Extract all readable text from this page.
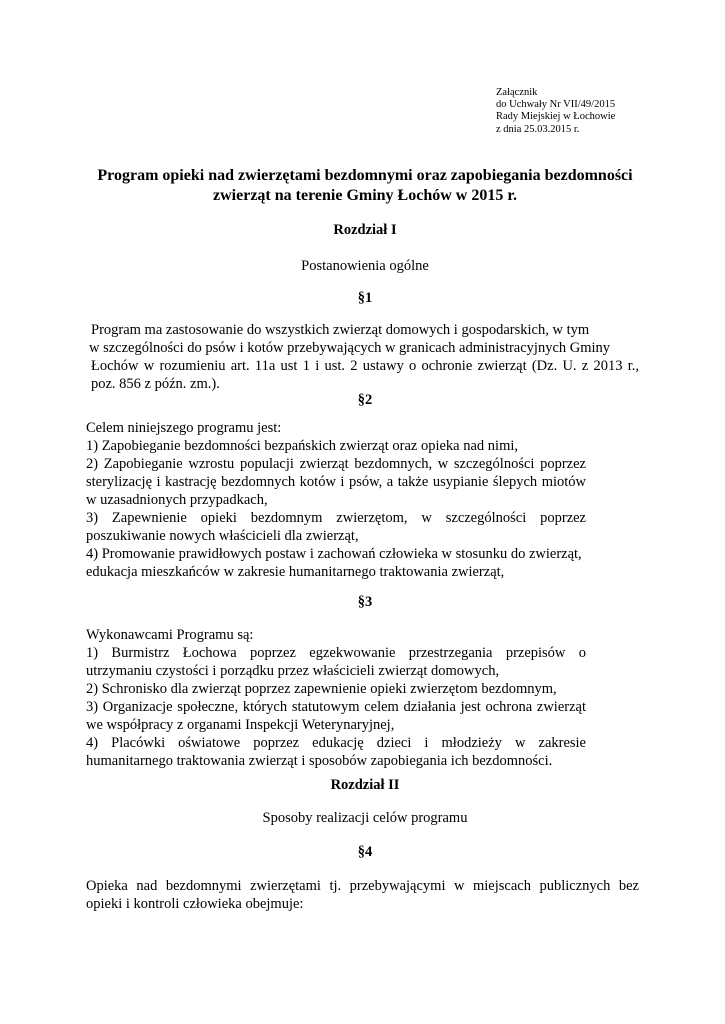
Załącznik
do Uchwały Nr VII/49/2015
Rady Miejskiej w Łochowie
z dnia 25.03.2015 r.
Program opieki nad zwierzętami bezdomnymi oraz zapobiegania bezdomności
zwierząt na terenie Gminy Łochów w 2015 r.
Rozdział I
Postanowienia ogólne
§1
Program ma zastosowanie do wszystkich zwierząt domowych i gospodarskich, w tym
w szczególności do psów i kotów przebywających w granicach administracyjnych Gminy
Łochów w rozumieniu art. 11a ust 1 i ust. 2 ustawy o ochronie zwierząt (Dz. U. z 2013 r.,
poz. 856 z późn. zm.).
§2
Celem niniejszego programu jest:
1) Zapobieganie bezdomności bezpańskich zwierząt oraz opieka nad nimi,
2) Zapobieganie wzrostu populacji zwierząt bezdomnych, w szczególności poprzez
sterylizację i kastrację bezdomnych kotów i psów, a także usypianie ślepych miotów
w uzasadnionych przypadkach,
3) Zapewnienie opieki bezdomnym zwierzętom, w szczególności poprzez
poszukiwanie nowych właścicieli dla zwierząt,
4) Promowanie prawidłowych postaw i zachowań człowieka w stosunku do zwierząt,
edukacja mieszkańców w zakresie humanitarnego traktowania zwierząt,
§3
Wykonawcami Programu są:
1) Burmistrz Łochowa poprzez egzekwowanie przestrzegania przepisów o
utrzymaniu czystości i porządku przez właścicieli zwierząt domowych,
2) Schronisko dla zwierząt poprzez zapewnienie opieki zwierzętom bezdomnym,
3) Organizacje społeczne, których statutowym celem działania jest ochrona zwierząt
we współpracy z organami Inspekcji Weterynaryjnej,
4) Placówki oświatowe poprzez edukację dzieci i młodzieży w zakresie
humanitarnego traktowania zwierząt i sposobów zapobiegania ich bezdomności.
Rozdział II
Sposoby realizacji celów programu
§4
Opieka nad bezdomnymi zwierzętami tj. przebywającymi w miejscach publicznych bez
opieki i kontroli człowieka obejmuje:
